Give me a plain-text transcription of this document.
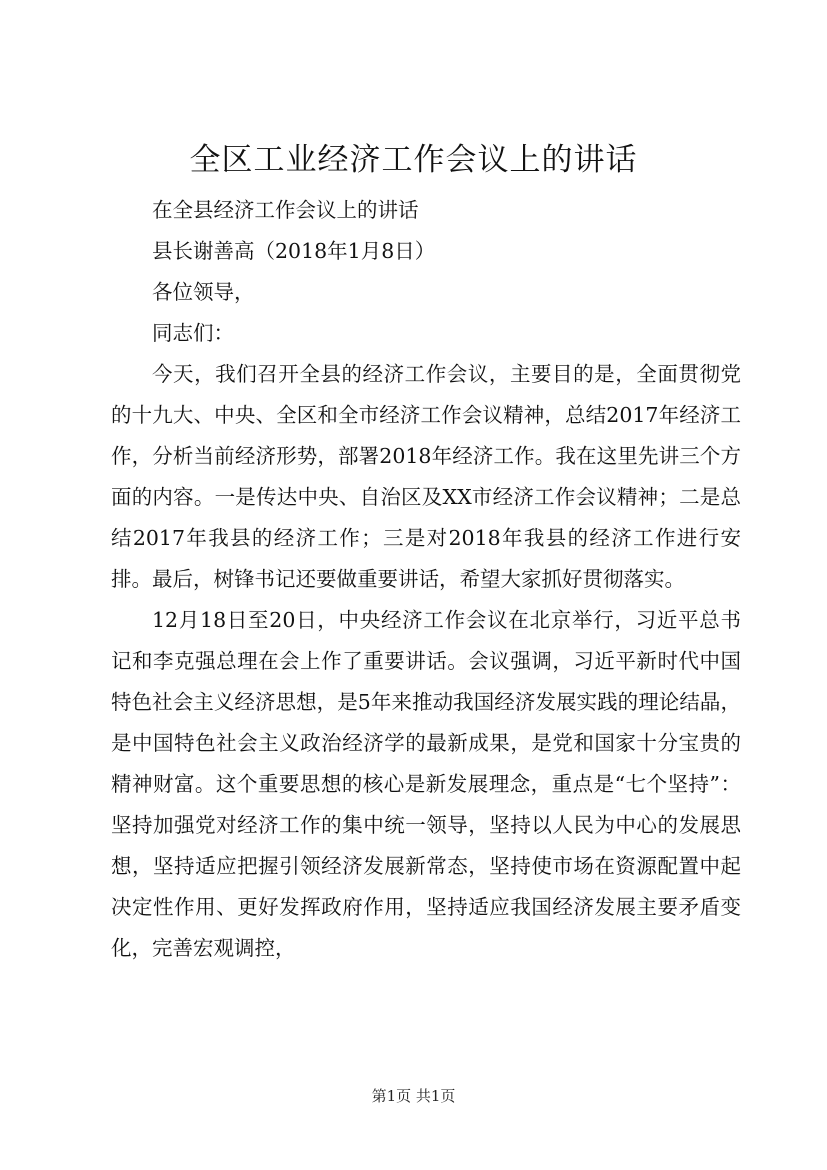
全区工业经济工作会议上的讲话

在全县经济工作会议上的讲话

县长谢善高（2018年1月8日）

各位领导，

同志们：

今天，我们召开全县的经济工作会议，主要目的是，全面贯彻党的十九大、中央、全区和全市经济工作会议精神，总结2017年经济工作，分析当前经济形势，部署2018年经济工作。我在这里先讲三个方面的内容。一是传达中央、自治区及XX市经济工作会议精神；二是总结2017年我县的经济工作；三是对2018年我县的经济工作进行安排。最后，树锋书记还要做重要讲话，希望大家抓好贯彻落实。

12月18日至20日，中央经济工作会议在北京举行，习近平总书记和李克强总理在会上作了重要讲话。会议强调，习近平新时代中国特色社会主义经济思想，是5年来推动我国经济发展实践的理论结晶，是中国特色社会主义政治经济学的最新成果，是党和国家十分宝贵的精神财富。这个重要思想的核心是新发展理念，重点是“七个坚持”：坚持加强党对经济工作的集中统一领导，坚持以人民为中心的发展思想，坚持适应把握引领经济发展新常态，坚持使市场在资源配置中起决定性作用、更好发挥政府作用，坚持适应我国经济发展主要矛盾变化，完善宏观调控，

第1页 共1页
